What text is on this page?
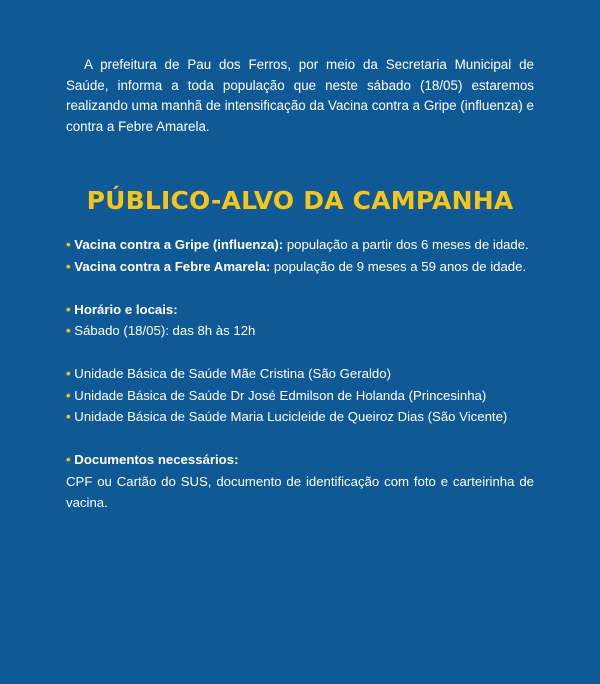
A prefeitura de Pau dos Ferros, por meio da Secretaria Municipal de Saúde, informa a toda população que neste sábado (18/05) estaremos realizando uma manhã de intensificação da Vacina contra a Gripe (influenza) e contra a Febre Amarela.

PÚBLICO-ALVO DA CAMPANHA

• Vacina contra a Gripe (influenza): população a partir dos 6 meses de idade.

• Vacina contra a Febre Amarela: população de 9 meses a 59 anos de idade.

• Horário e locais:

• Sábado (18/05): das 8h às 12h

• Unidade Básica de Saúde Mãe Cristina (São Geraldo)

• Unidade Básica de Saúde Dr José Edmilson de Holanda (Princesinha)

• Unidade Básica de Saúde Maria Lucicleide de Queiroz Dias (São Vicente)

• Documentos necessários:

CPF ou Cartão do SUS, documento de identificação com foto e carteirinha de vacina.
